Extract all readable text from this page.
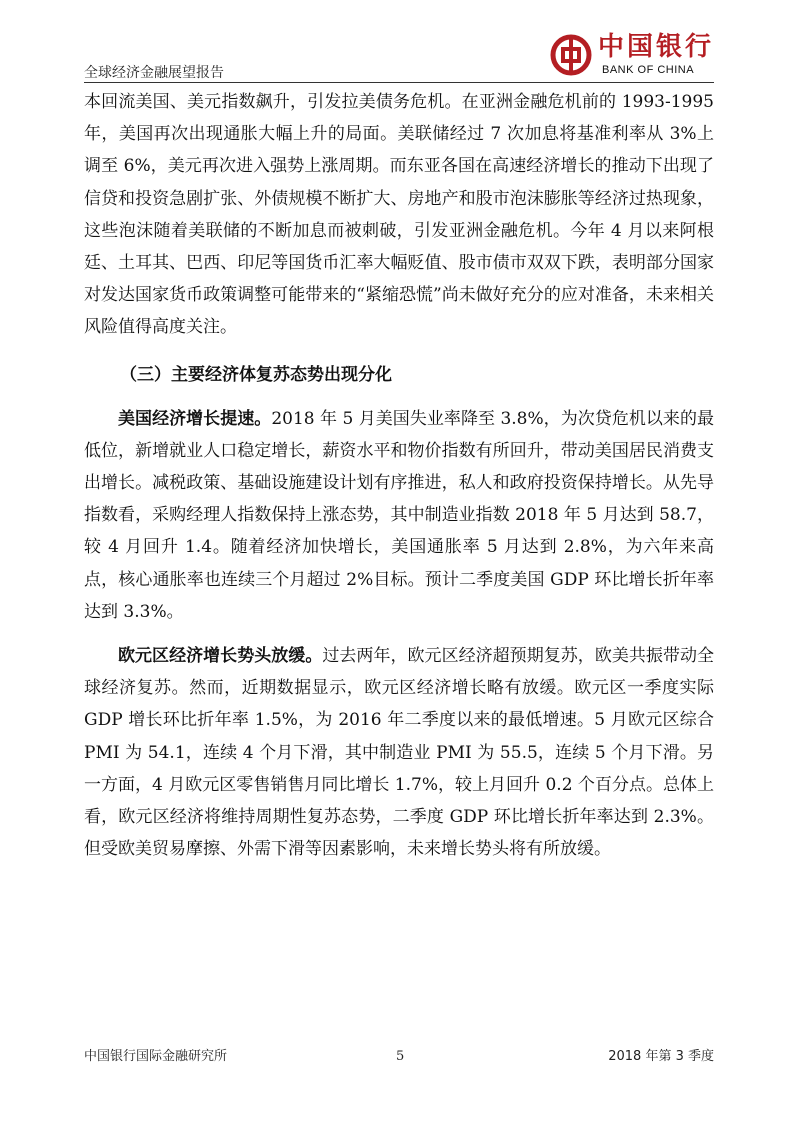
全球经济金融展望报告
中国银行
BANK OF CHINA

本回流美国、美元指数飙升，引发拉美债务危机。在亚洲金融危机前的 1993-1995 年，美国再次出现通胀大幅上升的局面。美联储经过 7 次加息将基准利率从 3%上调至 6%，美元再次进入强势上涨周期。而东亚各国在高速经济增长的推动下出现了信贷和投资急剧扩张、外债规模不断扩大、房地产和股市泡沫膨胀等经济过热现象，这些泡沫随着美联储的不断加息而被刺破，引发亚洲金融危机。今年 4 月以来阿根廷、土耳其、巴西、印尼等国货币汇率大幅贬值、股市债市双双下跌，表明部分国家对发达国家货币政策调整可能带来的“紧缩恐慌”尚未做好充分的应对准备，未来相关风险值得高度关注。

（三）主要经济体复苏态势出现分化

美国经济增长提速。2018 年 5 月美国失业率降至 3.8%，为次贷危机以来的最低位，新增就业人口稳定增长，薪资水平和物价指数有所回升，带动美国居民消费支出增长。减税政策、基础设施建设计划有序推进，私人和政府投资保持增长。从先导指数看，采购经理人指数保持上涨态势，其中制造业指数 2018 年 5 月达到 58.7，较 4 月回升 1.4。随着经济加快增长，美国通胀率 5 月达到 2.8%，为六年来高点，核心通胀率也连续三个月超过 2%目标。预计二季度美国 GDP 环比增长折年率达到 3.3%。

欧元区经济增长势头放缓。过去两年，欧元区经济超预期复苏，欧美共振带动全球经济复苏。然而，近期数据显示，欧元区经济增长略有放缓。欧元区一季度实际 GDP 增长环比折年率 1.5%，为 2016 年二季度以来的最低增速。5 月欧元区综合 PMI 为 54.1，连续 4 个月下滑，其中制造业 PMI 为 55.5，连续 5 个月下滑。另一方面，4 月欧元区零售销售月同比增长 1.7%，较上月回升 0.2 个百分点。总体上看，欧元区经济将维持周期性复苏态势，二季度 GDP 环比增长折年率达到 2.3%。但受欧美贸易摩擦、外需下滑等因素影响，未来增长势头将有所放缓。

中国银行国际金融研究所	5	2018 年第 3 季度
